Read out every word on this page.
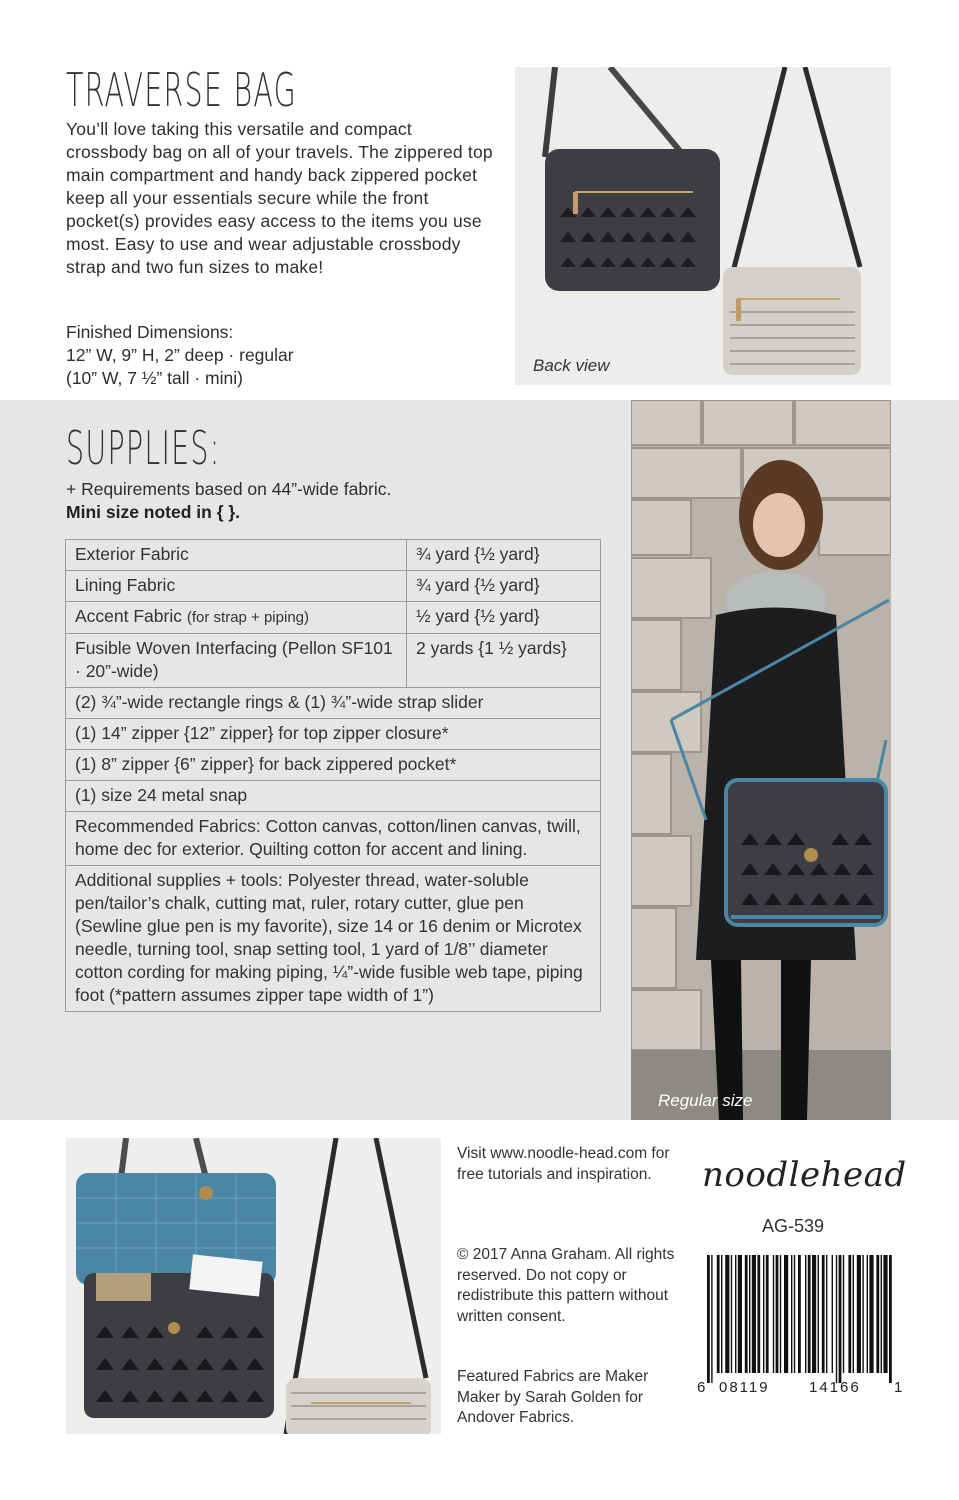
TRAVERSE BAG
You’ll love taking this versatile and compact crossbody bag on all of your travels. The zippered top main compartment and handy back zippered pocket keep all your essentials secure while the front pocket(s) provides easy access to the items you use most. Easy to use and wear adjustable crossbody strap and two fun sizes to make!
Finished Dimensions:
12” W, 9” H, 2” deep · regular
(10” W, 7 ½” tall · mini)
Back view
SUPPLIES:
+ Requirements based on 44”-wide fabric.
Mini size noted in { }.
Exterior Fabric	¾ yard {½ yard}
Lining Fabric	¾ yard {½ yard}
Accent Fabric (for strap + piping)	½ yard {½ yard}
Fusible Woven Interfacing (Pellon SF101 · 20”-wide)	2 yards {1 ½ yards}
(2) ¾”-wide rectangle rings & (1) ¾”-wide strap slider	
(1) 14” zipper {12” zipper} for top zipper closure*	
(1) 8” zipper {6” zipper} for back zippered pocket*	
(1) size 24 metal snap	
Recommended Fabrics: Cotton canvas, cotton/linen canvas, twill, home dec for exterior. Quilting cotton for accent and lining.	
Additional supplies + tools: Polyester thread, water-soluble pen/tailor’s chalk, cutting mat, ruler, rotary cutter, glue pen (Sewline glue pen is my favorite), size 14 or 16 denim or Microtex needle, turning tool, snap setting tool, 1 yard of 1/8’’ diameter cotton cording for making piping, ¼”-wide fusible web tape, piping foot (*pattern assumes zipper tape width of 1”)	
Regular size
Visit www.noodle-head.com for free tutorials and inspiration.
© 2017 Anna Graham. All rights reserved. Do not copy or redistribute this pattern without written consent.
Featured Fabrics are Maker Maker by Sarah Golden for Andover Fabrics.
noodlehead
AG-539
6 08119	14166 1
